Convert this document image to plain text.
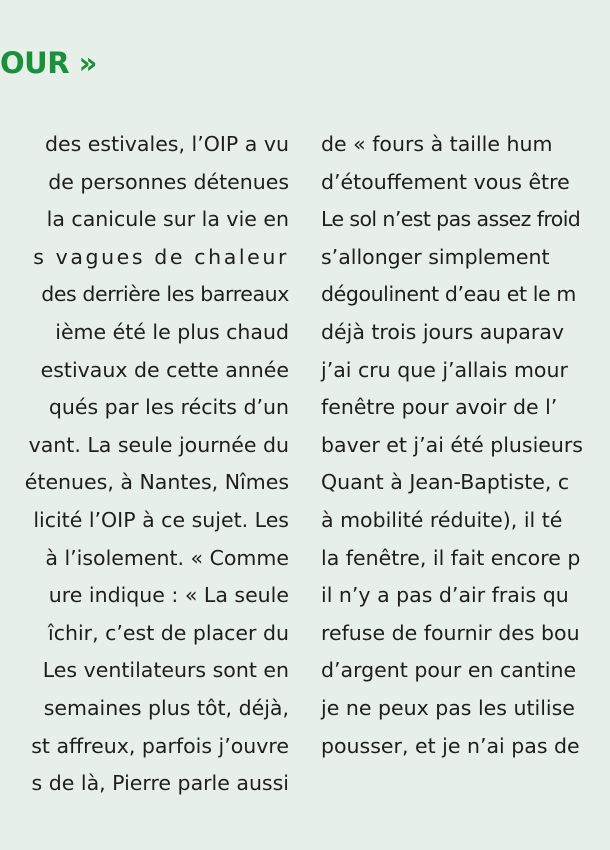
OUR »
des estivales, l’OIP a vu
de personnes détenues
la canicule sur la vie en
s vagues de chaleur
des derrière les barreaux
ième été le plus chaud
estivaux de cette année
qués par les récits d’un
vant. La seule journée du
étenues, à Nantes, Nîmes
licité l’OIP à ce sujet. Les
à l’isolement. « Comme
ure indique : « La seule
îchir, c’est de placer du
Les ventilateurs sont en
semaines plus tôt, déjà,
st affreux, parfois j’ouvre
s de là, Pierre parle aussi
de « fours à taille hum
d’étouffement vous être
Le sol n’est pas assez froid
s’allonger simplement
dégoulinent d’eau et le m
déjà trois jours auparav
j’ai cru que j’allais mour
fenêtre pour avoir de l’
baver et j’ai été plusieurs
Quant à Jean-Baptiste, c
à mobilité réduite), il té
la fenêtre, il fait encore p
il n’y a pas d’air frais qu
refuse de fournir des bou
d’argent pour en cantine
je ne peux pas les utilise
pousser, et je n’ai pas de
